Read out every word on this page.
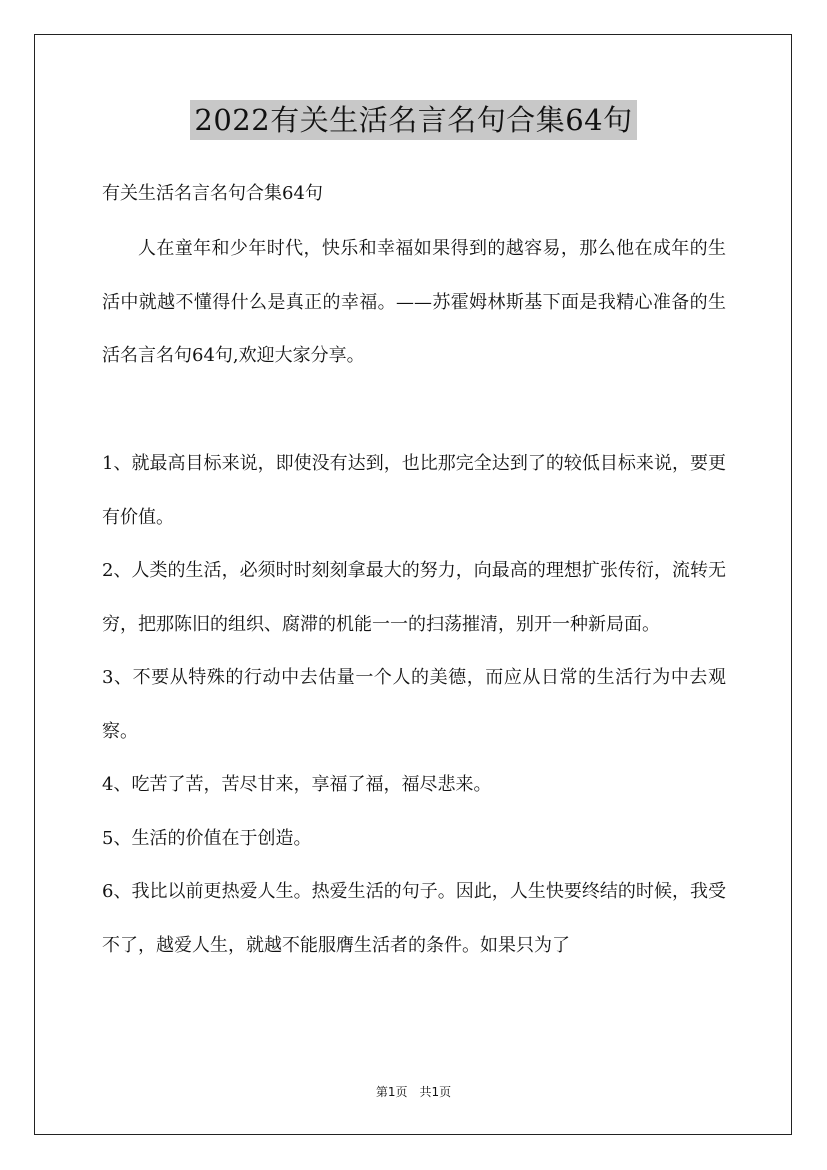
2022有关生活名言名句合集64句
有关生活名言名句合集64句

人在童年和少年时代，快乐和幸福如果得到的越容易，那么他在成年的生活中就越不懂得什么是真正的幸福。——苏霍姆林斯基下面是我精心准备的生活名言名句64句,欢迎大家分享。

1、就最高目标来说，即使没有达到，也比那完全达到了的较低目标来说，要更有价值。

2、人类的生活，必须时时刻刻拿最大的努力，向最高的理想扩张传衍，流转无穷，把那陈旧的组织、腐滞的机能一一的扫荡摧清，别开一种新局面。

3、不要从特殊的行动中去估量一个人的美德，而应从日常的生活行为中去观察。

4、吃苦了苦，苦尽甘来，享福了福，福尽悲来。

5、生活的价值在于创造。

6、我比以前更热爱人生。热爱生活的句子。因此，人生快要终结的时候，我受不了，越爱人生，就越不能服膺生活者的条件。如果只为了

第1页　共1页
